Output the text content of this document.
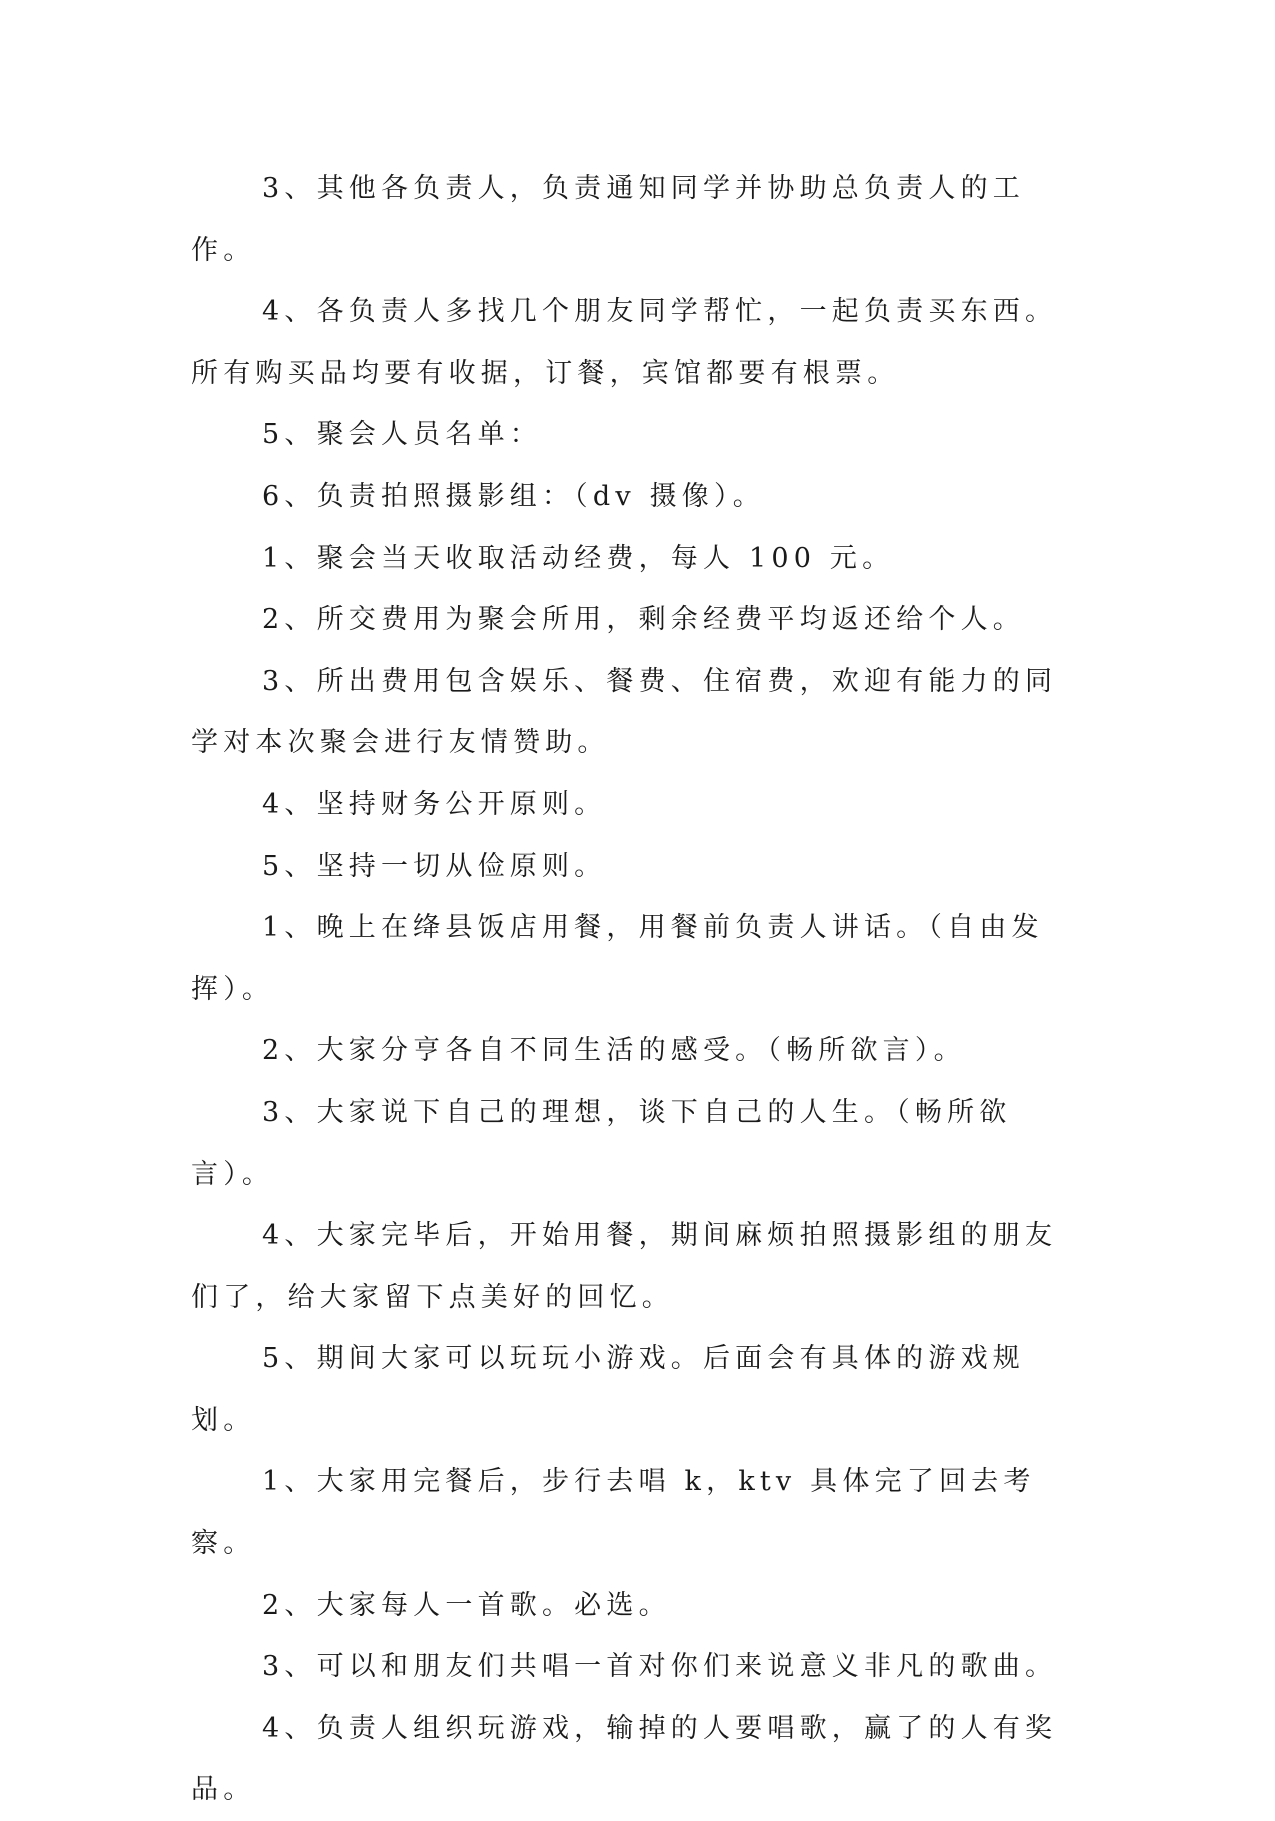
3、其他各负责人，负责通知同学并协助总负责人的工作。

4、各负责人多找几个朋友同学帮忙，一起负责买东西。所有购买品均要有收据，订餐，宾馆都要有根票。

5、聚会人员名单：

6、负责拍照摄影组：（dv 摄像）。

1、聚会当天收取活动经费，每人 100 元。

2、所交费用为聚会所用，剩余经费平均返还给个人。

3、所出费用包含娱乐、餐费、住宿费，欢迎有能力的同学对本次聚会进行友情赞助。

4、坚持财务公开原则。

5、坚持一切从俭原则。

1、晚上在绛县饭店用餐，用餐前负责人讲话。（自由发挥）。

2、大家分亨各自不同生活的感受。（畅所欲言）。

3、大家说下自己的理想，谈下自己的人生。（畅所欲言）。

4、大家完毕后，开始用餐，期间麻烦拍照摄影组的朋友们了，给大家留下点美好的回忆。

5、期间大家可以玩玩小游戏。后面会有具体的游戏规划。

1、大家用完餐后，步行去唱 k，ktv 具体完了回去考察。

2、大家每人一首歌。必选。

3、可以和朋友们共唱一首对你们来说意义非凡的歌曲。

4、负责人组织玩游戏，输掉的人要唱歌，赢了的人有奖品。
